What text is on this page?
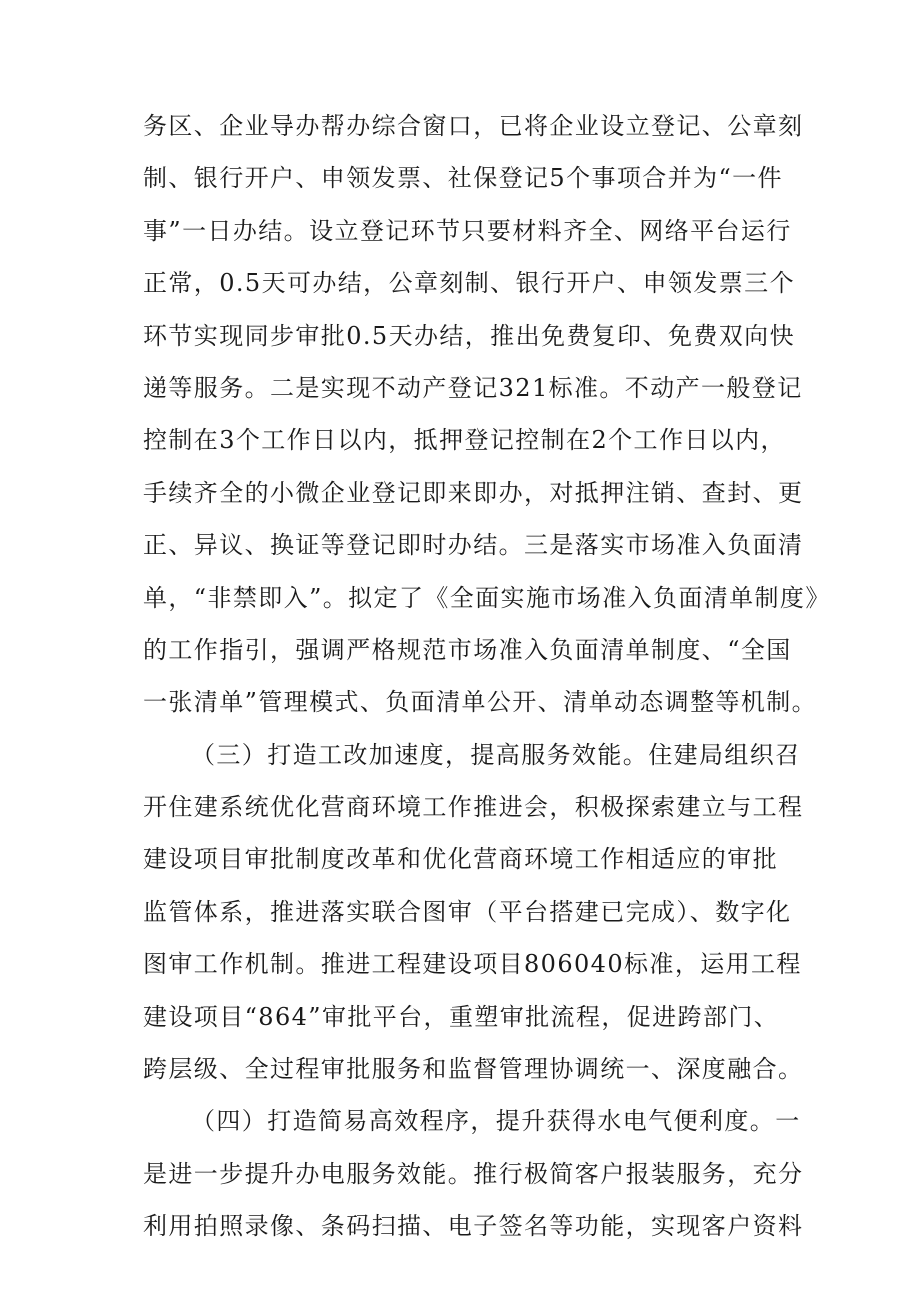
务区、企业导办帮办综合窗口，已将企业设立登记、公章刻
制、银行开户、申领发票、社保登记5个事项合并为“一件
事”一日办结。设立登记环节只要材料齐全、网络平台运行
正常，0.5天可办结，公章刻制、银行开户、申领发票三个
环节实现同步审批0.5天办结，推出免费复印、免费双向快
递等服务。二是实现不动产登记321标准。不动产一般登记
控制在3个工作日以内，抵押登记控制在2个工作日以内，
手续齐全的小微企业登记即来即办，对抵押注销、查封、更
正、异议、换证等登记即时办结。三是落实市场准入负面清
单，“非禁即入”。拟定了《全面实施市场准入负面清单制度》
的工作指引，强调严格规范市场准入负面清单制度、“全国
一张清单”管理模式、负面清单公开、清单动态调整等机制。
（三）打造工改加速度，提高服务效能。住建局组织召
开住建系统优化营商环境工作推进会，积极探索建立与工程
建设项目审批制度改革和优化营商环境工作相适应的审批
监管体系，推进落实联合图审（平台搭建已完成）、数字化
图审工作机制。推进工程建设项目806040标准，运用工程
建设项目“864”审批平台，重塑审批流程，促进跨部门、
跨层级、全过程审批服务和监督管理协调统一、深度融合。
（四）打造简易高效程序，提升获得水电气便利度。一
是进一步提升办电服务效能。推行极简客户报装服务，充分
利用拍照录像、条码扫描、电子签名等功能，实现客户资料
